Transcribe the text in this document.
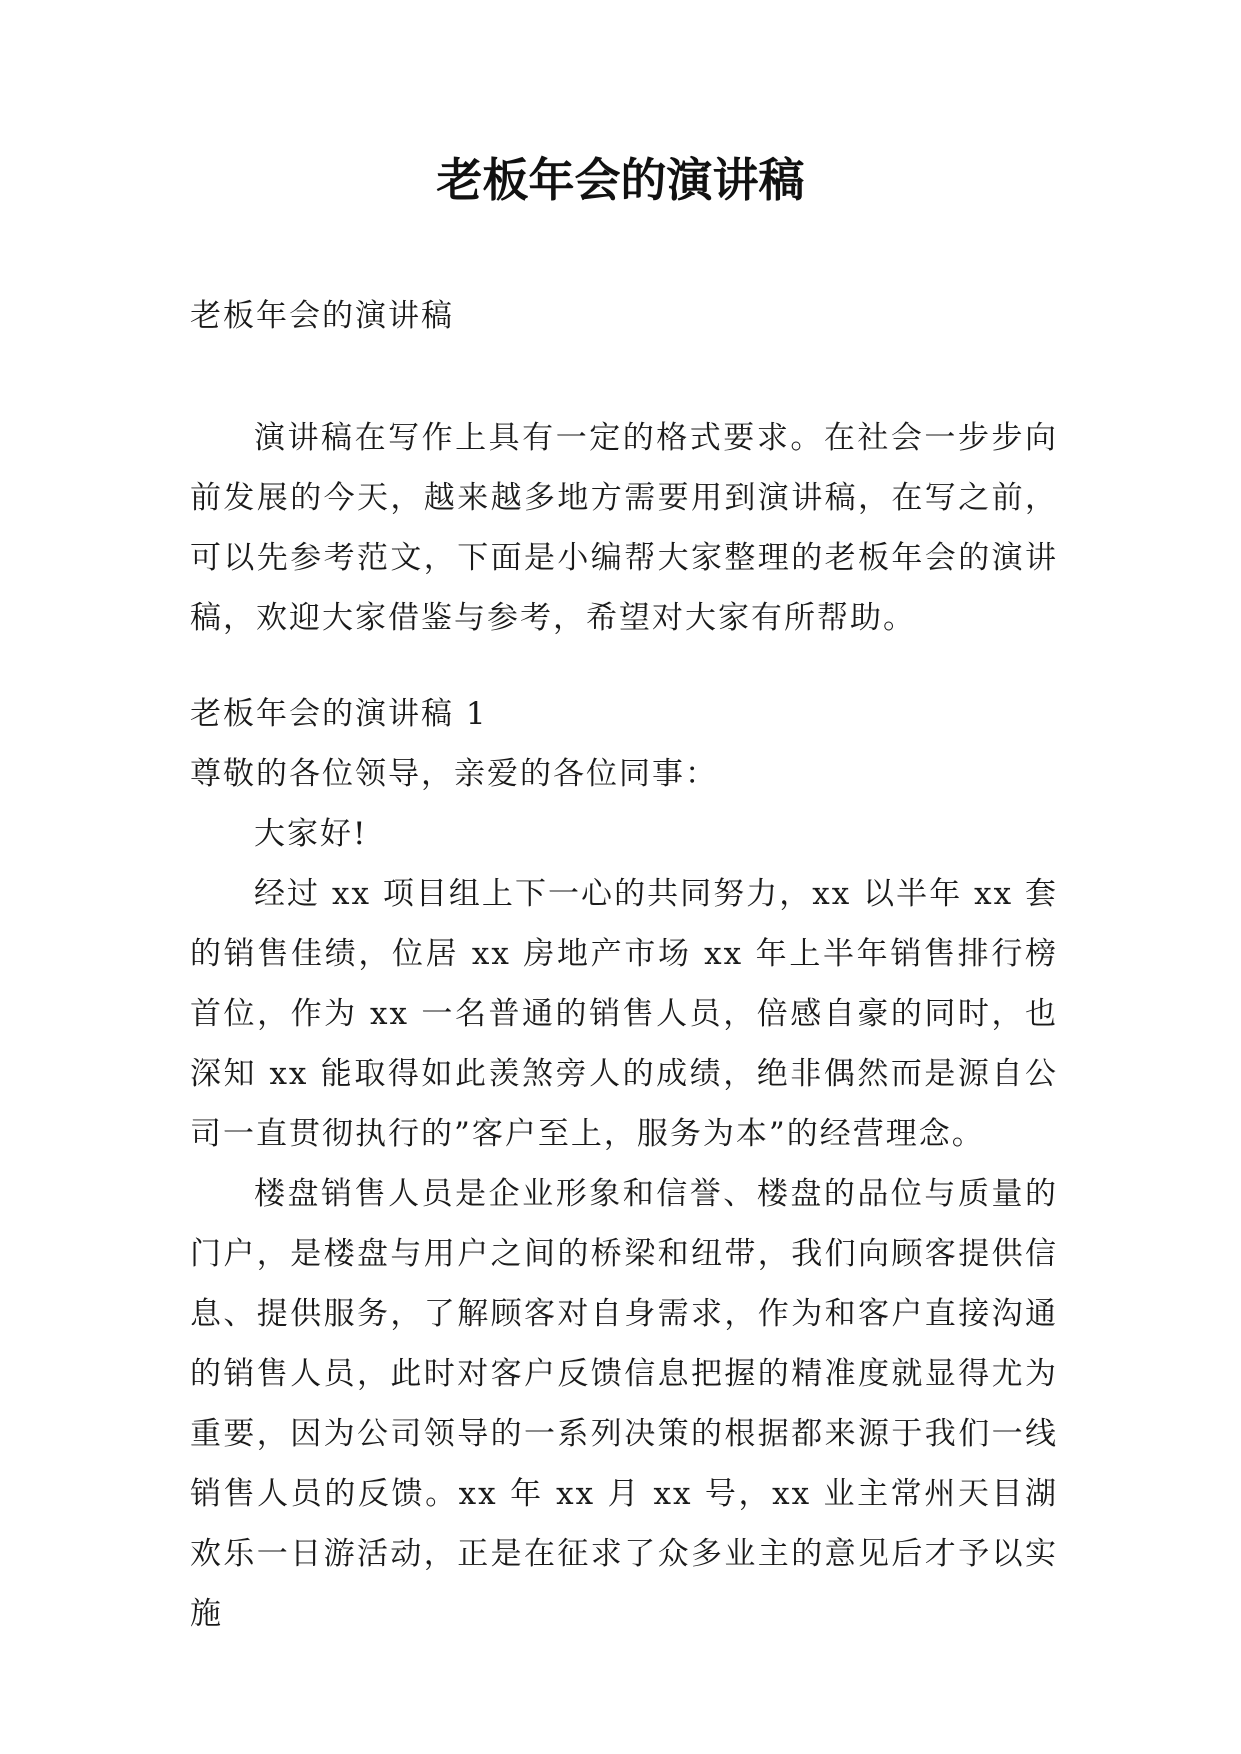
老板年会的演讲稿

老板年会的演讲稿

演讲稿在写作上具有一定的格式要求。在社会一步步向前发展的今天，越来越多地方需要用到演讲稿，在写之前，可以先参考范文，下面是小编帮大家整理的老板年会的演讲稿，欢迎大家借鉴与参考，希望对大家有所帮助。

老板年会的演讲稿 1

尊敬的各位领导，亲爱的各位同事：

大家好!

经过 xx 项目组上下一心的共同努力，xx 以半年 xx 套的销售佳绩，位居 xx 房地产市场 xx 年上半年销售排行榜首位，作为 xx 一名普通的销售人员，倍感自豪的同时，也深知 xx 能取得如此羡煞旁人的成绩，绝非偶然而是源自公司一直贯彻执行的”客户至上，服务为本”的经营理念。

楼盘销售人员是企业形象和信誉、楼盘的品位与质量的门户，是楼盘与用户之间的桥梁和纽带，我们向顾客提供信息、提供服务，了解顾客对自身需求，作为和客户直接沟通的销售人员，此时对客户反馈信息把握的精准度就显得尤为重要，因为公司领导的一系列决策的根据都来源于我们一线销售人员的反馈。xx 年 xx 月 xx 号，xx 业主常州天目湖欢乐一日游活动，正是在征求了众多业主的意见后才予以实施
